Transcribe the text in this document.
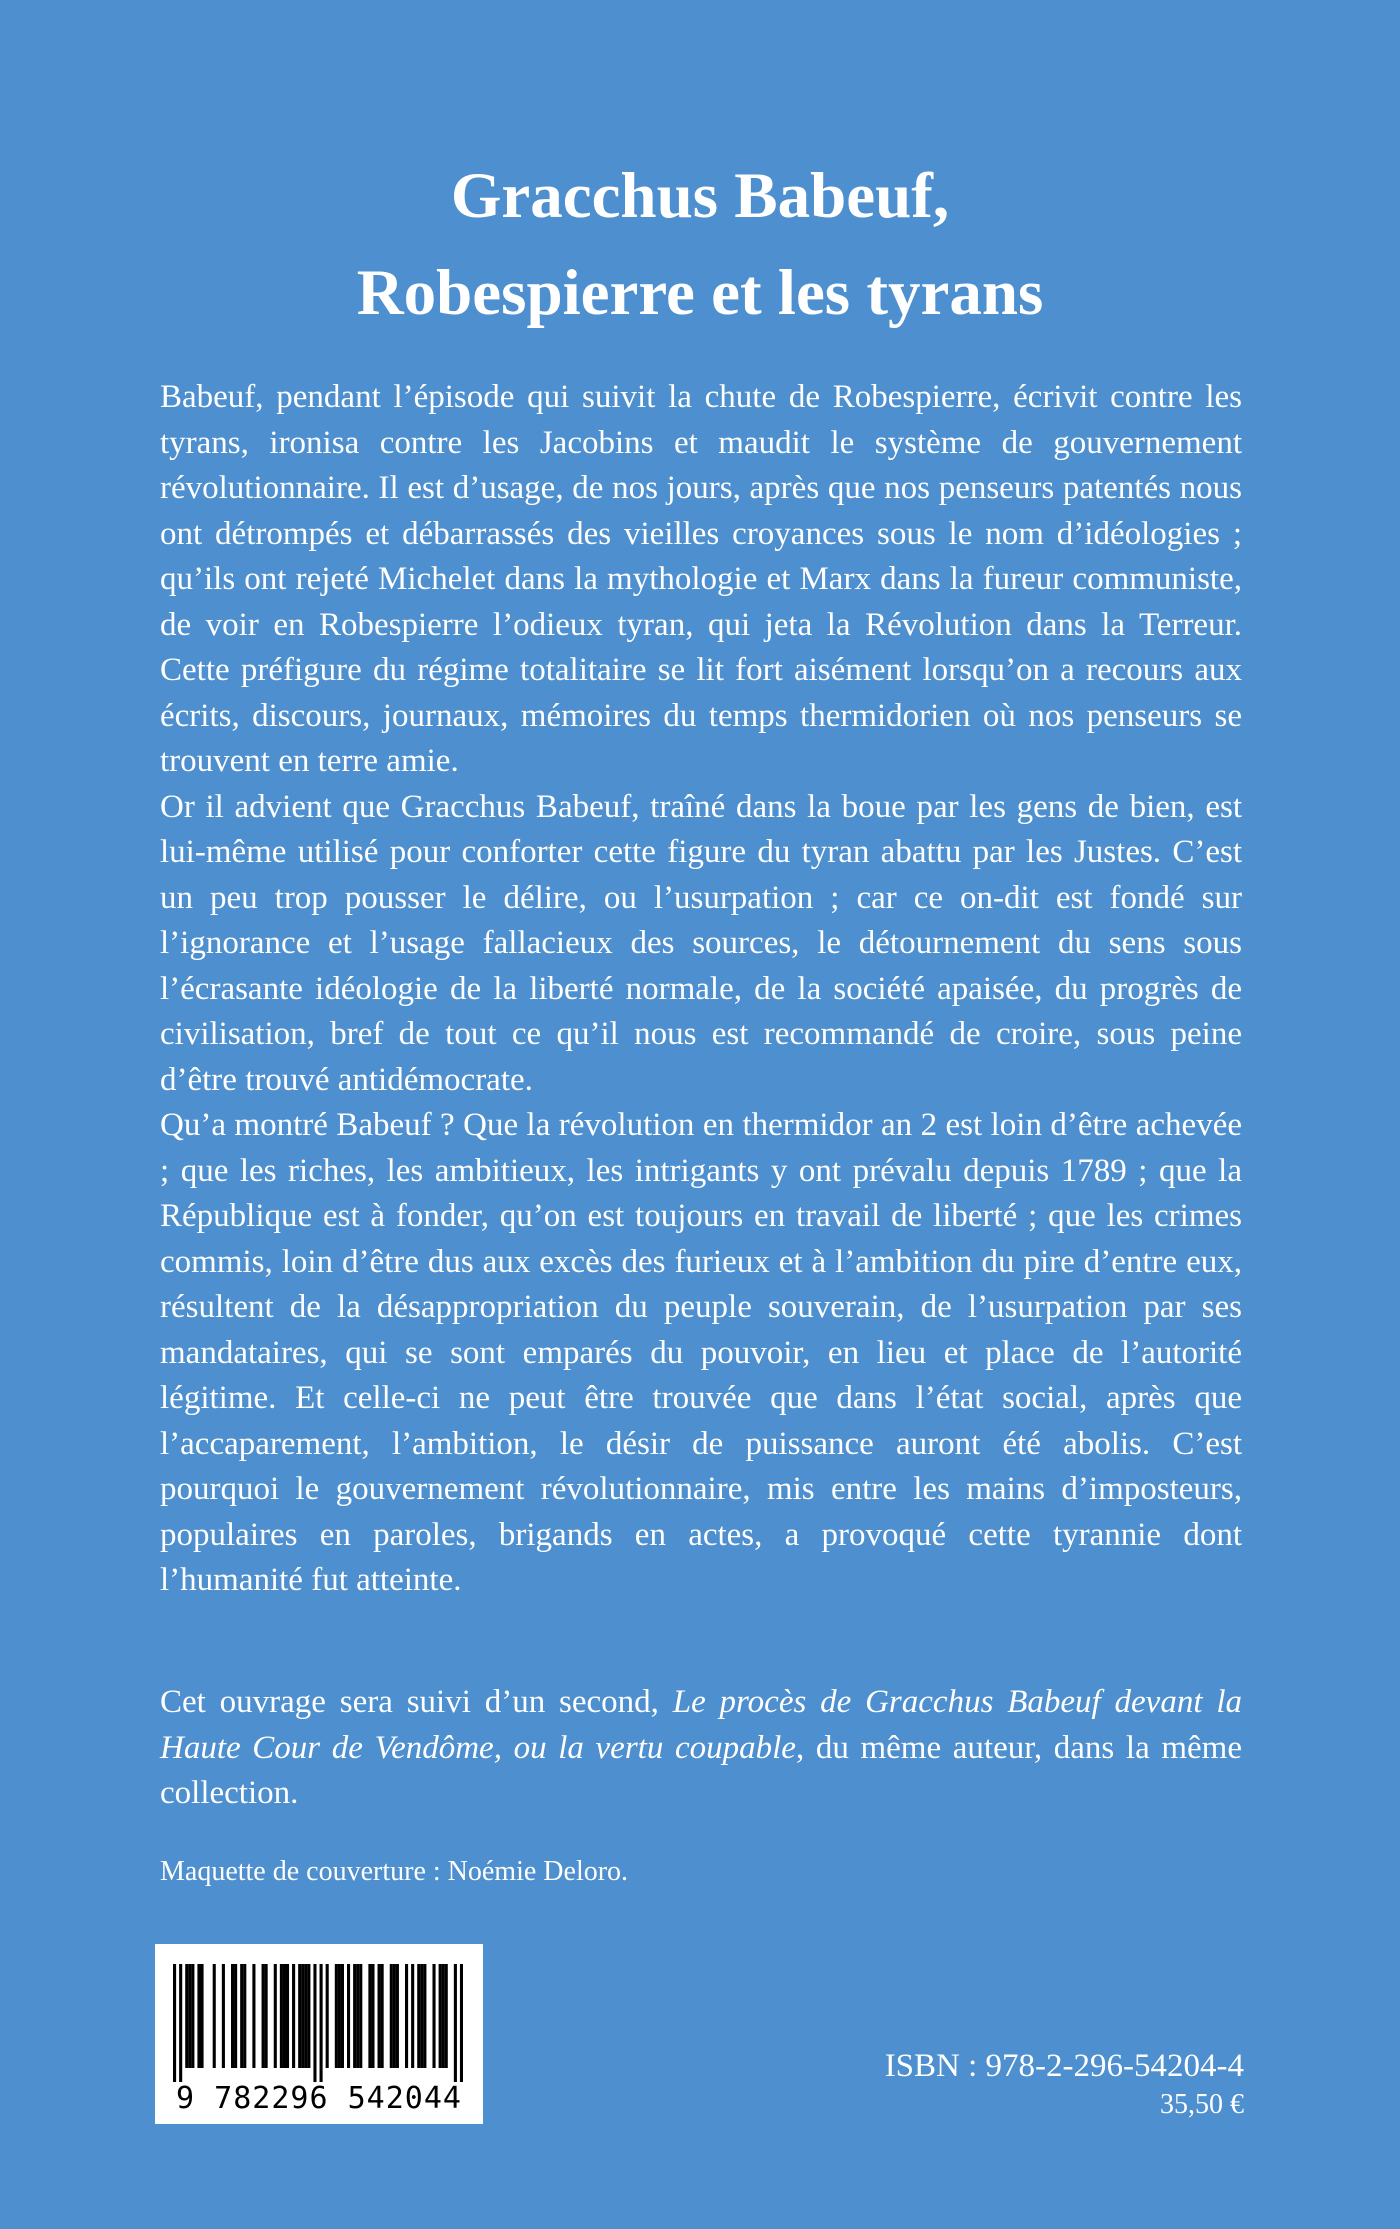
Gracchus Babeuf,
Robespierre et les tyrans

Babeuf, pendant l’épisode qui suivit la chute de Robespierre, écrivit contre les tyrans, ironisa contre les Jacobins et maudit le système de gouvernement révolutionnaire. Il est d’usage, de nos jours, après que nos penseurs patentés nous ont détrompés et débarrassés des vieilles croyances sous le nom d’idéologies ; qu’ils ont rejeté Michelet dans la mythologie et Marx dans la fureur communiste, de voir en Robespierre l’odieux tyran, qui jeta la Révolution dans la Terreur. Cette préfigure du régime totalitaire se lit fort aisément lorsqu’on a recours aux écrits, discours, journaux, mémoires du temps thermidorien où nos penseurs se trouvent en terre amie.

Or il advient que Gracchus Babeuf, traîné dans la boue par les gens de bien, est lui-même utilisé pour conforter cette figure du tyran abattu par les Justes. C’est un peu trop pousser le délire, ou l’usurpation ; car ce on-dit est fondé sur l’ignorance et l’usage fallacieux des sources, le détournement du sens sous l’écrasante idéologie de la liberté normale, de la société apaisée, du progrès de civilisation, bref de tout ce qu’il nous est recommandé de croire, sous peine d’être trouvé antidémocrate.

Qu’a montré Babeuf ? Que la révolution en thermidor an 2 est loin d’être achevée ; que les riches, les ambitieux, les intrigants y ont prévalu depuis 1789 ; que la République est à fonder, qu’on est toujours en travail de liberté ; que les crimes commis, loin d’être dus aux excès des furieux et à l’ambition du pire d’entre eux, résultent de la désappropriation du peuple souverain, de l’usurpation par ses mandataires, qui se sont emparés du pouvoir, en lieu et place de l’autorité légitime. Et celle-ci ne peut être trouvée que dans l’état social, après que l’accaparement, l’ambition, le désir de puissance auront été abolis. C’est pourquoi le gouvernement révolutionnaire, mis entre les mains d’imposteurs, populaires en paroles, brigands en actes, a provoqué cette tyrannie dont l’humanité fut atteinte.

Cet ouvrage sera suivi d’un second, Le procès de Gracchus Babeuf devant la Haute Cour de Vendôme, ou la vertu coupable, du même auteur, dans la même collection.

Maquette de couverture : Noémie Deloro.

9 782296 542044

ISBN : 978-2-296-54204-4

35,50 €
